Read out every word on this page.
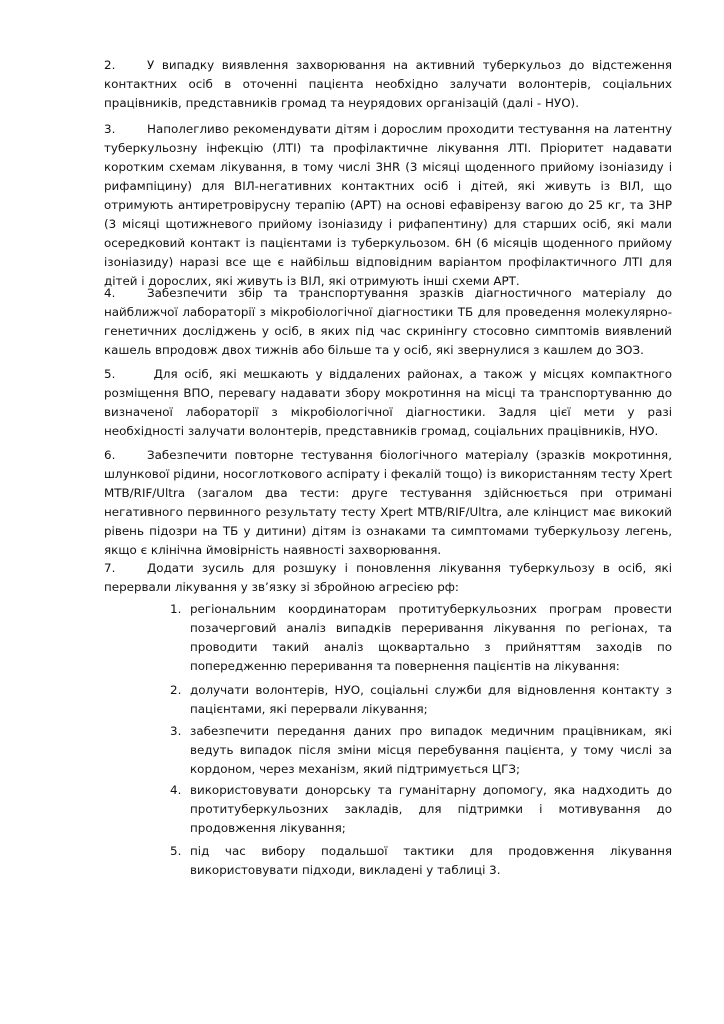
2.	У випадку виявлення захворювання на активний туберкульоз до відстеження контактних осіб в оточенні пацієнта необхідно залучати волонтерів, соціальних працівників, представників громад та неурядових організацій (далі - НУО).
3.	Наполегливо рекомендувати дітям і дорослим проходити тестування на латентну туберкульозну інфекцію (ЛТІ) та профілактичне лікування ЛТІ. Пріоритет надавати коротким схемам лікування, в тому числі 3HR (3 місяці щоденного прийому ізоніазиду і рифампіцину) для ВІЛ-негативних контактних осіб і дітей, які живуть із ВІЛ, що отримують антиретровірусну терапію (АРТ) на основі ефавірензу вагою до 25 кг, та 3HP (3 місяці щотижневого прийому ізоніазиду і рифапентину) для старших осіб, які мали осередковий контакт із пацієнтами із туберкульозом. 6H (6 місяців щоденного прийому ізоніазиду) наразі все ще є найбільш відповідним варіантом профілактичного ЛТІ для дітей і дорослих, які живуть із ВІЛ, які отримують інші схеми АРТ.
4.	Забезпечити збір та транспортування зразків діагностичного матеріалу до найближчої лабораторії з мікробіологічної діагностики ТБ для проведення молекулярно-генетичних досліджень у осіб, в яких під час скринінгу стосовно симптомів виявлений кашель впродовж двох тижнів або більше та у осіб, які звернулися з кашлем до ЗОЗ.
5.	Для осіб, які мешкають у віддалених районах, а також у місцях компактного розміщення ВПО, перевагу надавати збору мокротиння на місці та транспортуванню до визначеної лабораторії з мікробіологічної діагностики. Задля цієї мети у разі необхідності залучати волонтерів, представників громад, соціальних працівників, НУО.
6.	Забезпечити повторне тестування біологічного матеріалу (зразків мокротиння, шлункової рідини, носоглоткового аспірату і фекалій тощо) із використанням тесту Xpert MTB/RIF/Ultra (загалом два тести: друге тестування здійснюється при отримані негативного первинного результату тесту Xpert MTB/RIF/Ultra, але клінцист має викокий рівень підозри на ТБ у дитини) дітям із ознаками та симптомами туберкульозу легень, якщо є клінічна ймовірність наявності захворювання.
7.	Додати зусиль для розшуку і поновлення лікування туберкульозу в осіб, які перервали лікування у зв’язку зі збройною агресією рф:
1. регіональним координаторам протитуберкульозних програм провести позачерговий аналіз випадків переривання лікування по регіонах, та проводити такий аналіз щоквартально з прийняттям заходів по попередженню переривання та повернення пацієнтів на лікування:
2. долучати волонтерів, НУО, соціальні служби для відновлення контакту з пацієнтами, які перервали лікування;
3. забезпечити передання даних про випадок медичним працівникам, які ведуть випадок після зміни місця перебування пацієнта, у тому числі за кордоном, через механізм, який підтримується ЦГЗ;
4. використовувати донорську та гуманітарну допомогу, яка надходить до протитуберкульозних закладів, для підтримки і мотивування до продовження лікування;
5. під час вибору подальшої тактики для продовження лікування використовувати підходи, викладені у таблиці 3.
